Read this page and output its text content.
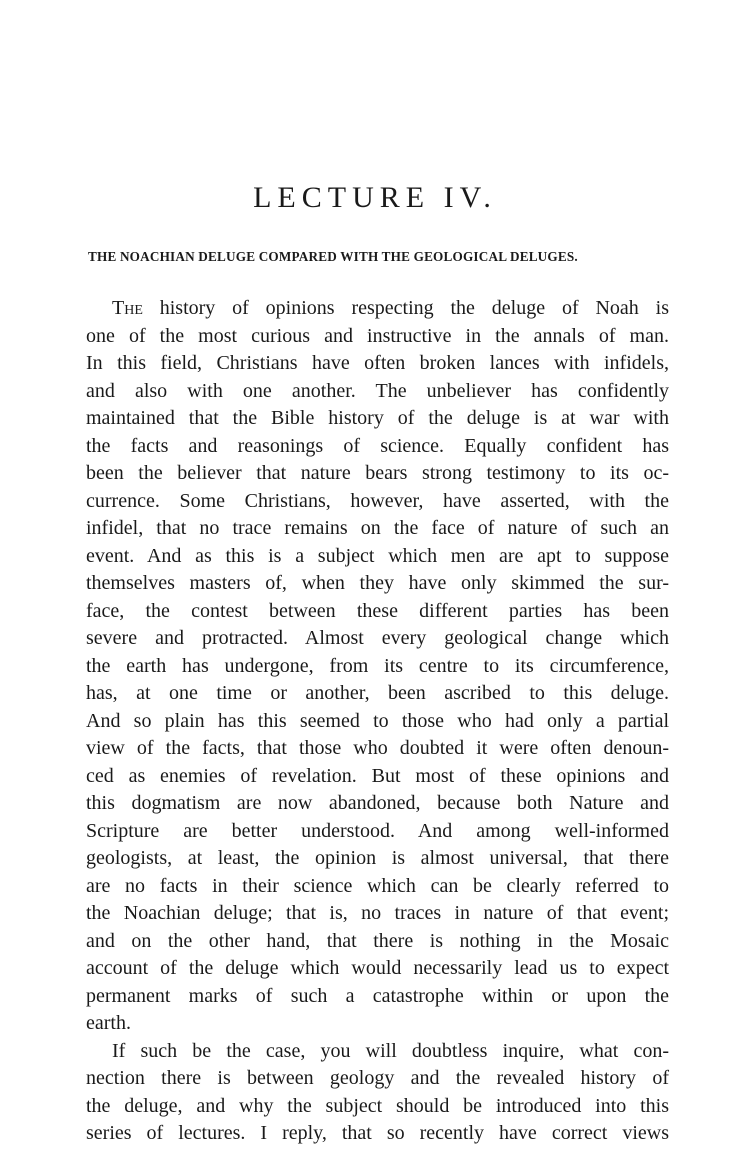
LECTURE IV.
THE NOACHIAN DELUGE COMPARED WITH THE GEOLOGICAL DELUGES.
The history of opinions respecting the deluge of Noah is
one of the most curious and instructive in the annals of man.
In this field, Christians have often broken lances with infidels,
and also with one another. The unbeliever has confidently
maintained that the Bible history of the deluge is at war with
the facts and reasonings of science. Equally confident has
been the believer that nature bears strong testimony to its oc-
currence. Some Christians, however, have asserted, with the
infidel, that no trace remains on the face of nature of such an
event. And as this is a subject which men are apt to suppose
themselves masters of, when they have only skimmed the sur-
face, the contest between these different parties has been
severe and protracted. Almost every geological change which
the earth has undergone, from its centre to its circumference,
has, at one time or another, been ascribed to this deluge.
And so plain has this seemed to those who had only a partial
view of the facts, that those who doubted it were often denoun-
ced as enemies of revelation. But most of these opinions and
this dogmatism are now abandoned, because both Nature and
Scripture are better understood. And among well-informed
geologists, at least, the opinion is almost universal, that there
are no facts in their science which can be clearly referred to
the Noachian deluge; that is, no traces in nature of that event;
and on the other hand, that there is nothing in the Mosaic
account of the deluge which would necessarily lead us to expect
permanent marks of such a catastrophe within or upon the
earth.
If such be the case, you will doubtless inquire, what con-
nection there is between geology and the revealed history of
the deluge, and why the subject should be introduced into this
series of lectures. I reply, that so recently have correct views
